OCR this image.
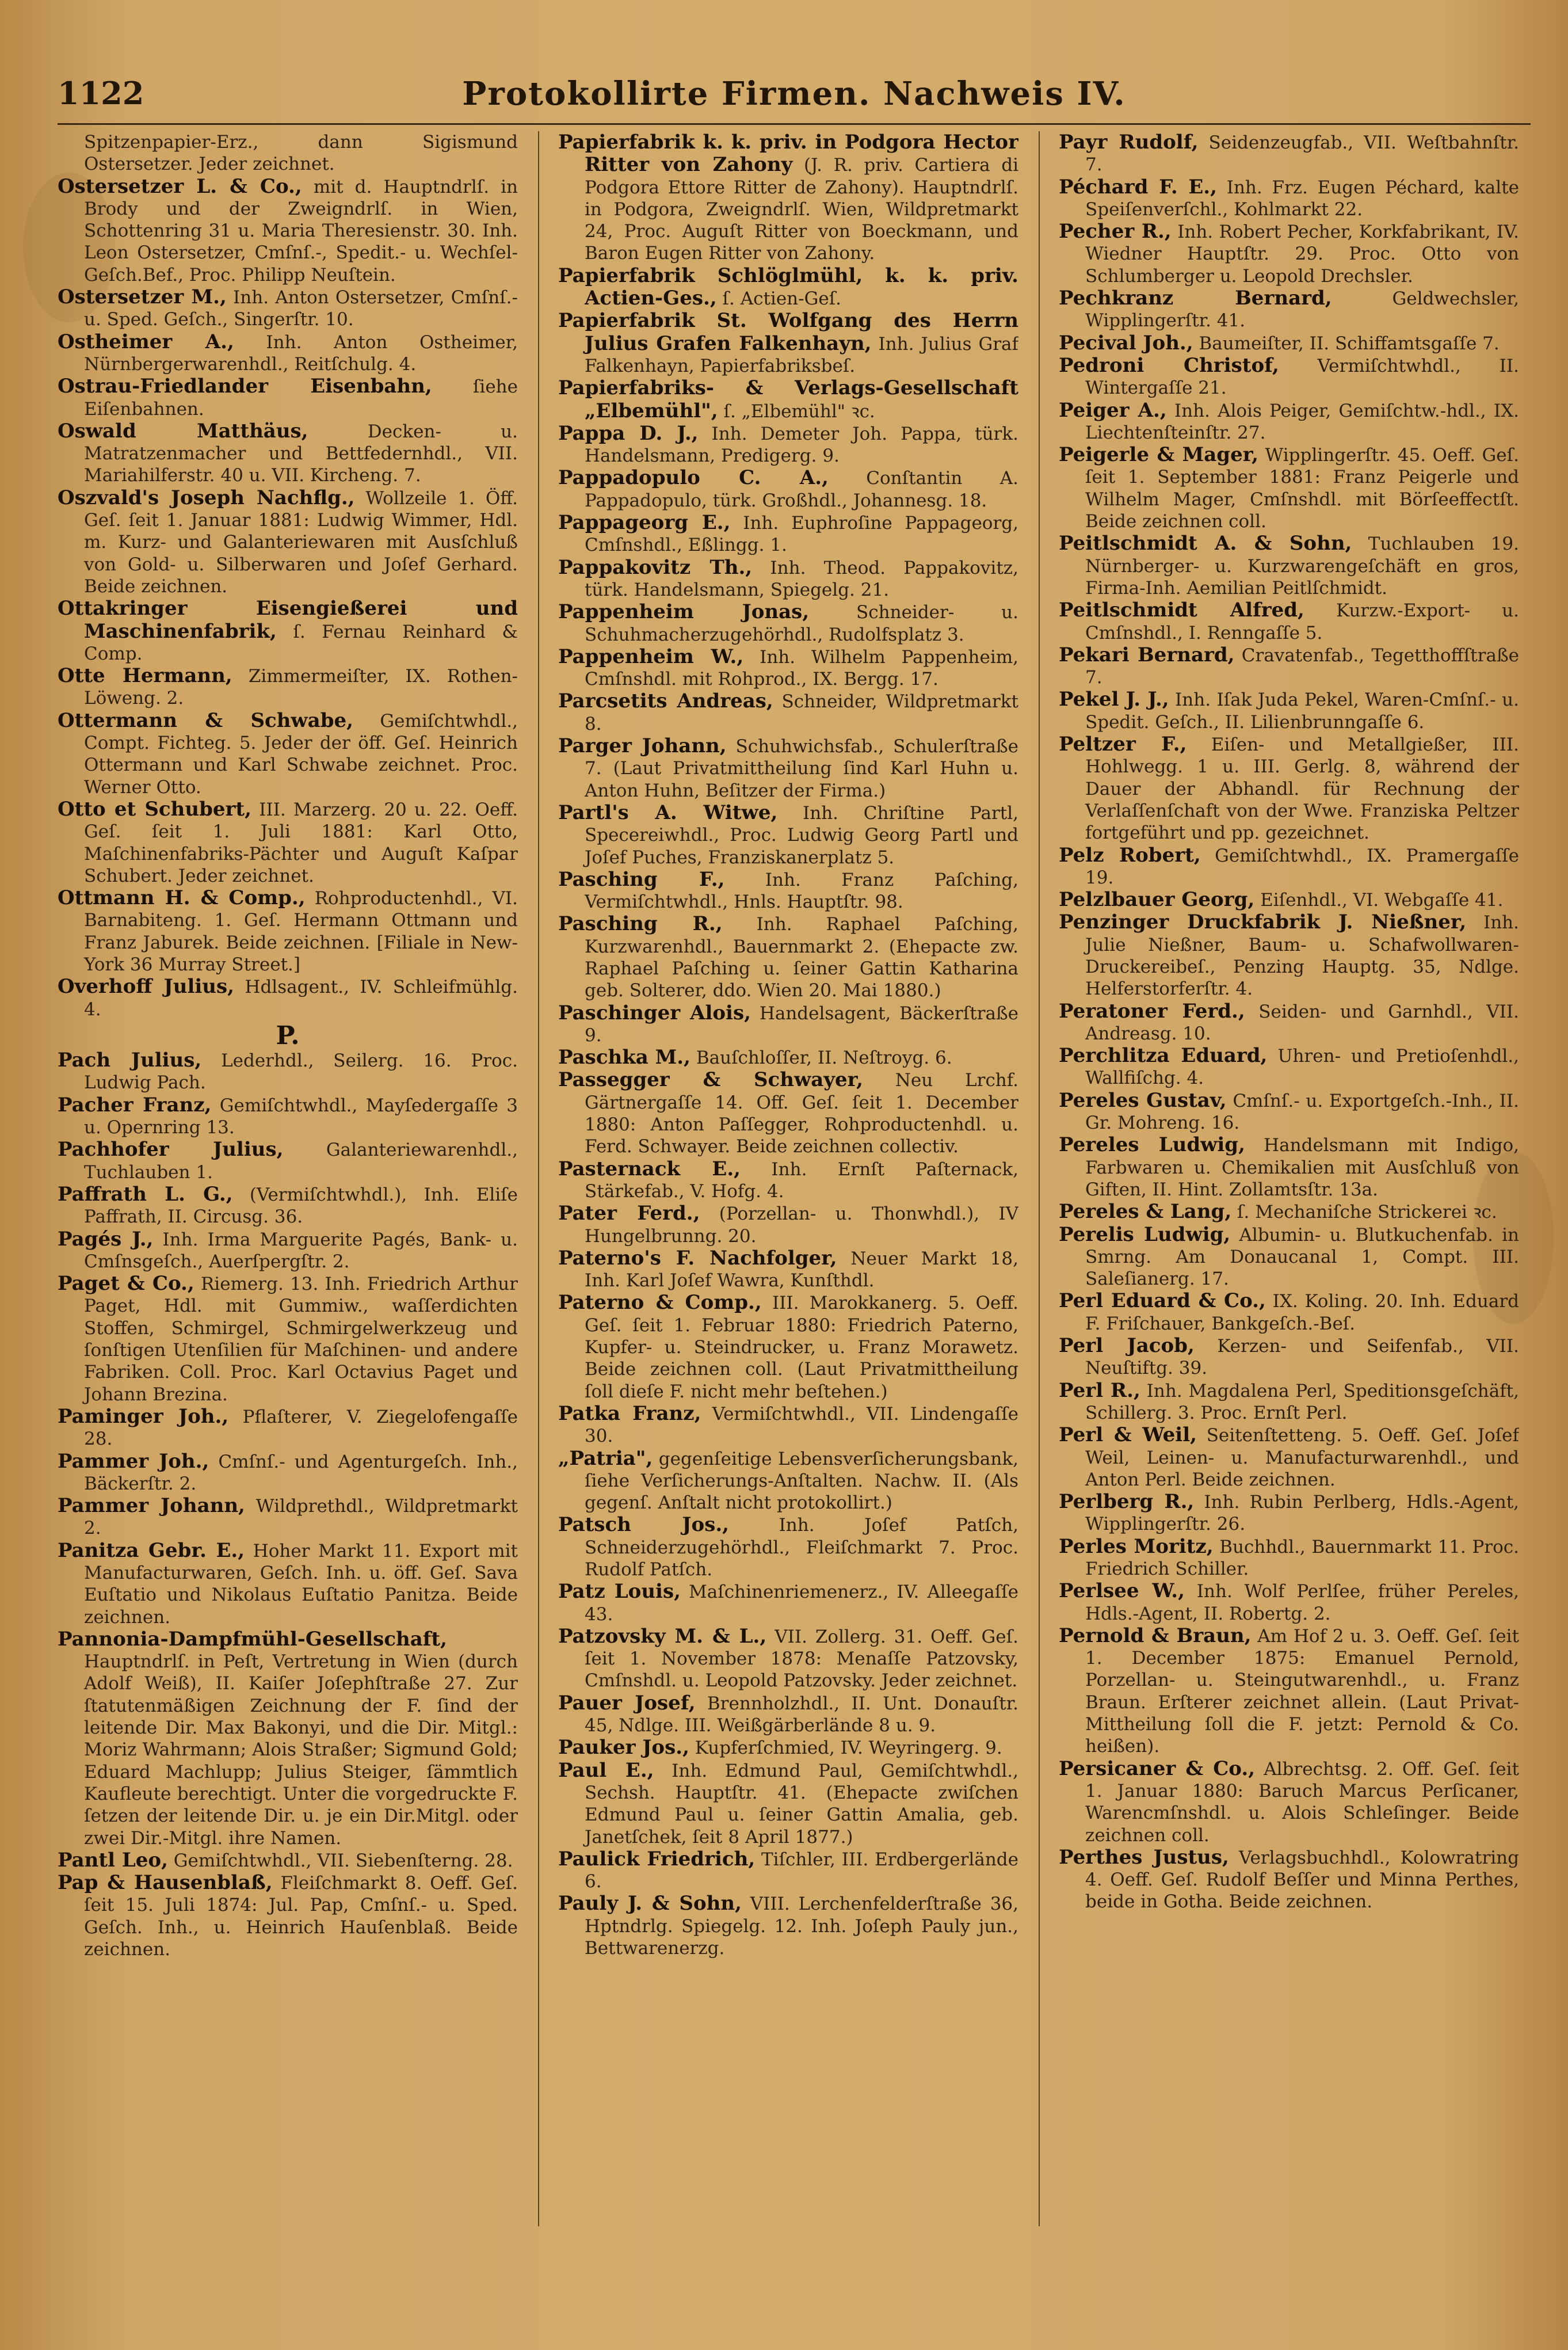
1122	Protokollirte Firmen. Nachweis IV.

Spitzenpapier-Erz., dann Sigismund Ostersetzer. Jeder zeichnet.

Ostersetzer L. & Co., mit d. Hauptndrlſ. in Brody und der Zweigndrlſ. in Wien, Schottenring 31 u. Maria Theresienstr. 30. Inh. Leon Ostersetzer, Cmſnſ.-, Spedit.- u. Wechſel-Geſch.Bef., Proc. Philipp Neuſtein.

Ostersetzer M., Inh. Anton Ostersetzer, Cmſnſ.- u. Sped. Geſch., Singerſtr. 10.

Ostheimer A., Inh. Anton Ostheimer, Nürnbergerwarenhdl., Reitſchulg. 4.

Ostrau-Friedlander Eisenbahn, ſiehe Eiſenbahnen.

Oswald Matthäus,	Decken- u. Matratzenmacher und Bettfedernhdl., VII. Mariahilferstr. 40 u. VII. Kircheng. 7.

Oszvald's Joseph Nachflg., Wollzeile 1. Öff. Geſ. ſeit 1. Januar 1881: Ludwig Wimmer, Hdl. m. Kurz- und Galanteriewaren mit Ausſchluß von Gold- u. Silberwaren und Joſef Gerhard. Beide zeichnen.

Ottakringer Eisengießerei und Maschinenfabrik, ſ. Fernau Reinhard & Comp.

Otte Hermann, Zimmermeiſter, IX. Rothen-Löweng. 2.

Ottermann & Schwabe, Gemiſchtwhdl., Compt. Fichteg. 5. Jeder der öff. Geſ. Heinrich Ottermann und Karl Schwabe zeichnet. Proc. Werner Otto.

Otto et Schubert, III. Marzerg. 20 u. 22. Oeff. Geſ. ſeit 1. Juli 1881: Karl Otto, Maſchinenfabriks-Pächter und Auguſt Kaſpar Schubert. Jeder zeichnet.

Ottmann H. & Comp., Rohproductenhdl., VI. Barnabiteng. 1. Geſ. Hermann Ottmann und Franz Jaburek. Beide zeichnen. [Filiale in New-York 36 Murray Street.]

Overhoff Julius, Hdlsagent., IV. Schleifmühlg. 4.

P.

Pach Julius, Lederhdl., Seilerg. 16. Proc. Ludwig Pach.

Pacher Franz, Gemiſchtwhdl., Mayſedergaſſe 3 u. Opernring 13.

Pachhofer Julius, Galanteriewarenhdl., Tuchlauben 1.

Paffrath L. G., (Vermiſchtwhdl.), Inh. Eliſe Paffrath, II. Circusg. 36.

Pagés J., Inh. Irma Marguerite Pagés, Bank- u. Cmſnsgeſch., Auerſpergſtr. 2.

Paget & Co., Riemerg. 13. Inh. Friedrich Arthur Paget, Hdl. mit Gummiw., waſſerdichten Stoffen, Schmirgel, Schmirgelwerkzeug und ſonſtigen Utenſilien für Maſchinen- und andere Fabriken. Coll. Proc. Karl Octavius Paget und Johann Brezina.

Paminger Joh., Pflaſterer, V. Ziegelofengaſſe 28.

Pammer Joh., Cmſnſ.- und Agenturgeſch. Inh., Bäckerſtr. 2.

Pammer Johann, Wildprethdl., Wildpretmarkt 2.

Panitza Gebr. E., Hoher Markt 11. Export mit Manufacturwaren, Geſch. Inh. u. öff. Geſ. Sava Euſtatio und Nikolaus Euſtatio Panitza. Beide zeichnen.

Pannonia-Dampfmühl-Gesellschaft, Hauptndrlſ. in Peſt, Vertretung in Wien (durch Adolf Weiß), II. Kaiſer Joſephſtraße 27. Zur ſtatutenmäßigen Zeichnung der F. ſind der leitende Dir. Max Bakonyi, und die Dir. Mitgl.: Moriz Wahrmann; Alois Straßer; Sigmund Gold; Eduard Machlupp; Julius Steiger, ſämmtlich Kaufleute berechtigt. Unter die vorgedruckte F. ſetzen der leitende Dir. u. je ein Dir.Mitgl. oder zwei Dir.-Mitgl. ihre Namen.

Pantl Leo, Gemiſchtwhdl., VII. Siebenſterng. 28.

Pap & Hausenblaß, Fleiſchmarkt 8. Oeff. Geſ. ſeit 15. Juli 1874: Jul. Pap, Cmſnſ.- u. Sped. Geſch. Inh., u. Heinrich Hauſenblaß. Beide zeichnen.

Papierfabrik k. k. priv. in Podgora Hector Ritter von Zahony (J. R. priv. Cartiera di Podgora Ettore Ritter de Zahony). Hauptndrlſ. in Podgora, Zweigndrlſ. Wien, Wildpretmarkt 24, Proc. Auguſt Ritter von Boeckmann, und Baron Eugen Ritter von Zahony.

Papierfabrik Schlöglmühl, k. k. priv. Actien-Ges., ſ. Actien-Geſ.

Papierfabrik St. Wolfgang des Herrn Julius Grafen Falkenhayn, Inh. Julius Graf Falkenhayn, Papierfabriksbeſ.

Papierfabriks- & Verlags-Gesellschaft „Elbemühl", ſ. „Elbemühl" ꝛc.

Pappa D. J., Inh. Demeter Joh. Pappa, türk. Handelsmann, Predigerg. 9.

Pappadopulo C. A., Conſtantin A. Pappadopulo, türk. Großhdl., Johannesg. 18.

Pappageorg E., Inh. Euphroſine Pappageorg, Cmſnshdl., Eßlingg. 1.

Pappakovitz Th., Inh. Theod. Pappakovitz, türk. Handelsmann, Spiegelg. 21.

Pappenheim Jonas,	Schneider- u. Schuhmacherzugehörhdl., Rudolfsplatz 3.

Pappenheim W., Inh. Wilhelm Pappenheim, Cmſnshdl. mit Rohprod., IX. Bergg. 17.

Parcsetits Andreas, Schneider, Wildpretmarkt 8.

Parger Johann, Schuhwichsfab., Schulerſtraße 7. (Laut Privatmittheilung ſind Karl Huhn u. Anton Huhn, Beſitzer der Firma.)

Partl's A. Witwe, Inh. Chriſtine Partl, Specereiwhdl., Proc. Ludwig Georg Partl und Joſef Puches, Franziskanerplatz 5.

Pasching F., Inh. Franz Paſching, Vermiſchtwhdl., Hnls. Hauptſtr. 98.

Pasching R., Inh. Raphael Paſching, Kurzwarenhdl., Bauernmarkt 2. (Ehepacte zw. Raphael Paſching u. ſeiner Gattin Katharina geb. Solterer, ddo. Wien 20. Mai 1880.)

Paschinger Alois, Handelsagent, Bäckerſtraße 9.

Paschka M., Bauſchloſſer, II. Neſtroyg. 6.

Passegger & Schwayer, Neu Lrchf. Gärtnergaſſe 14. Off. Geſ. ſeit 1. December 1880: Anton Paſſegger, Rohproductenhdl. u. Ferd. Schwayer. Beide zeichnen collectiv.

Pasternack E., Inh. Ernſt Paſternack, Stärkefab., V. Hofg. 4.

Pater Ferd., (Porzellan- u. Thonwhdl.), IV Hungelbrunng. 20.

Paterno's F. Nachfolger, Neuer Markt 18, Inh. Karl Joſef Wawra, Kunſthdl.

Paterno & Comp., III. Marokkanerg. 5. Oeff. Geſ. ſeit 1. Februar 1880: Friedrich Paterno, Kupfer- u. Steindrucker, u. Franz Morawetz. Beide zeichnen coll. (Laut Privatmittheilung ſoll dieſe F. nicht mehr beſtehen.)

Patka Franz, Vermiſchtwhdl., VII. Lindengaſſe 30.

„Patria", gegenſeitige Lebensverſicherungsbank, ſiehe Verſicherungs-Anſtalten. Nachw. II. (Als gegenſ. Anſtalt nicht protokollirt.)

Patsch Jos.,	Inh. Joſef Patſch, Schneiderzugehörhdl., Fleiſchmarkt 7. Proc. Rudolf Patſch.

Patz Louis, Maſchinenriemenerz., IV. Alleegaſſe 43.

Patzovsky M. & L., VII. Zollerg. 31. Oeff. Geſ. ſeit 1. November 1878: Menaſſe Patzovsky, Cmſnshdl. u. Leopold Patzovsky. Jeder zeichnet.

Pauer Josef, Brennholzhdl., II. Unt. Donauſtr. 45, Ndlge. III. Weißgärberlände 8 u. 9.

Pauker Jos., Kupferſchmied, IV. Weyringerg. 9.

Paul E., Inh. Edmund Paul, Gemiſchtwhdl., Sechsh. Hauptſtr. 41. (Ehepacte zwiſchen Edmund Paul u. ſeiner Gattin Amalia, geb. Janetſchek, ſeit 8 April 1877.)

Paulick Friedrich, Tiſchler, III. Erdbergerlände 6.

Pauly J. & Sohn, VIII. Lerchenfelderſtraße 36, Hptndrlg. Spiegelg. 12. Inh. Joſeph Pauly jun., Bettwarenerzg.

Payr Rudolf, Seidenzeugfab., VII. Weſtbahnſtr. 7.

Péchard F. E., Inh. Frz. Eugen Péchard, kalte Speiſenverſchl., Kohlmarkt 22.

Pecher R., Inh. Robert Pecher, Korkfabrikant, IV. Wiedner Hauptſtr. 29. Proc. Otto von Schlumberger u. Leopold Drechsler.

Pechkranz Bernard,	Geldwechsler, Wipplingerſtr. 41.

Pecival Joh., Baumeiſter, II. Schiffamtsgaſſe 7.

Pedroni Christof, Vermiſchtwhdl., II. Wintergaſſe 21.

Peiger A., Inh. Alois Peiger, Gemiſchtw.-hdl., IX. Liechtenſteinſtr. 27.

Peigerle & Mager, Wipplingerſtr. 45. Oeff. Geſ. ſeit 1. September 1881: Franz Peigerle und Wilhelm Mager, Cmſnshdl. mit Börſeeffectſt. Beide zeichnen coll.

Peitlschmidt A. & Sohn, Tuchlauben 19. Nürnberger- u. Kurzwarengeſchäft en gros, Firma-Inh. Aemilian Peitlſchmidt.

Peitlschmidt Alfred, Kurzw.-Export- u. Cmſnshdl., I. Renngaſſe 5.

Pekari Bernard, Cravatenfab., Tegetthoffſtraße 7.

Pekel J. J., Inh. Iſak Juda Pekel, Waren-Cmſnſ.- u. Spedit. Geſch., II. Lilienbrunngaſſe 6.

Peltzer F., Eiſen- und Metallgießer, III. Hohlwegg. 1 u. III. Gerlg. 8, während der Dauer der Abhandl. für Rechnung der Verlaſſenſchaft von der Wwe. Franziska Peltzer fortgeführt und pp. gezeichnet.

Pelz Robert, Gemiſchtwhdl., IX. Pramergaſſe 19.

Pelzlbauer Georg, Eiſenhdl., VI. Webgaſſe 41.

Penzinger Druckfabrik J. Nießner, Inh. Julie Nießner, Baum- u. Schafwollwaren-Druckereibeſ., Penzing Hauptg. 35, Ndlge. Helferstorferſtr. 4.

Peratoner Ferd., Seiden- und Garnhdl., VII. Andreasg. 10.

Perchlitza Eduard, Uhren- und Pretioſenhdl., Wallfiſchg. 4.

Pereles Gustav, Cmſnſ.- u. Exportgeſch.-Inh., II. Gr. Mohreng. 16.

Pereles Ludwig, Handelsmann mit Indigo, Farbwaren u. Chemikalien mit Ausſchluß von Giften, II. Hint. Zollamtsſtr. 13a.

Pereles & Lang, ſ. Mechaniſche Strickerei ꝛc.

Perelis Ludwig, Albumin- u. Blutkuchenfab. in Smrng. Am Donaucanal 1, Compt. III. Saleſianerg. 17.

Perl Eduard & Co., IX. Koling. 20. Inh. Eduard F. Friſchauer, Bankgeſch.-Beſ.

Perl Jacob, Kerzen- und Seifenfab., VII. Neuſtiftg. 39.

Perl R., Inh. Magdalena Perl, Speditionsgeſchäft, Schillerg. 3. Proc. Ernſt Perl.

Perl & Weil, Seitenſtetteng. 5. Oeff. Geſ. Joſef Weil, Leinen- u. Manufacturwarenhdl., und Anton Perl. Beide zeichnen.

Perlberg R., Inh. Rubin Perlberg, Hdls.-Agent, Wipplingerſtr. 26.

Perles Moritz, Buchhdl., Bauernmarkt 11. Proc. Friedrich Schiller.

Perlsee W., Inh. Wolf Perlſee, früher Pereles, Hdls.-Agent, II. Robertg. 2.

Pernold & Braun, Am Hof 2 u. 3. Oeff. Geſ. ſeit 1. December 1875: Emanuel Pernold, Porzellan- u. Steingutwarenhdl., u. Franz Braun. Erſterer zeichnet allein. (Laut Privat-Mittheilung ſoll die F. jetzt: Pernold & Co. heißen).

Persicaner & Co., Albrechtsg. 2. Off. Geſ. ſeit 1. Januar 1880: Baruch Marcus Perſicaner, Warencmſnshdl. u. Alois Schleſinger. Beide zeichnen coll.

Perthes Justus, Verlagsbuchhdl., Kolowratring 4. Oeff. Geſ. Rudolf Beſſer und Minna Perthes, beide in Gotha. Beide zeichnen.
